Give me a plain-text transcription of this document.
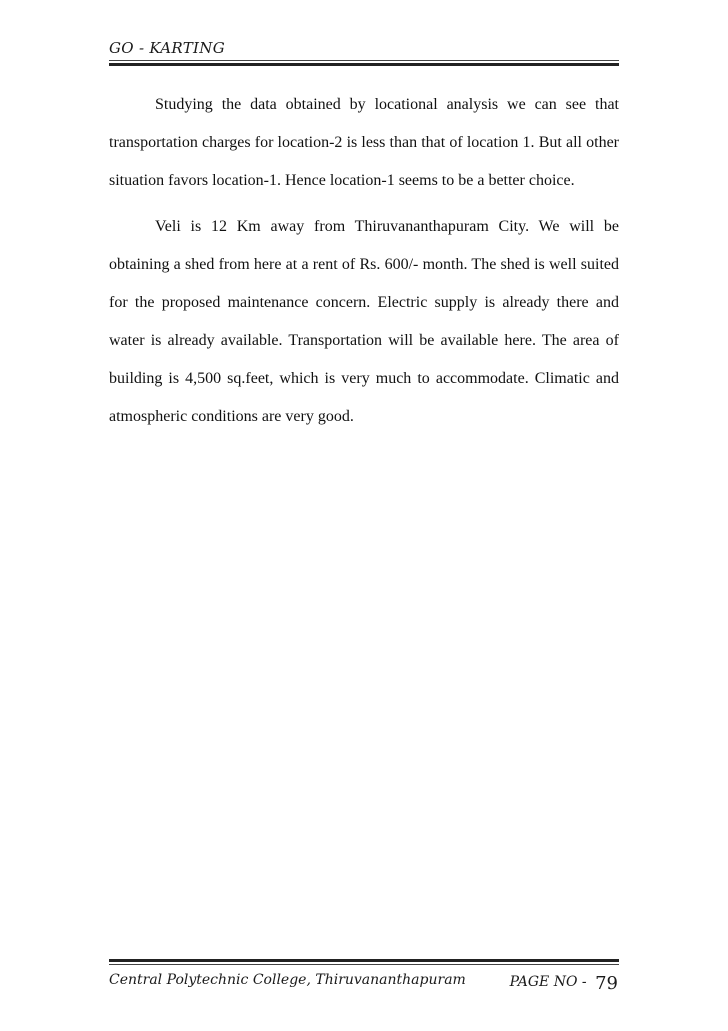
GO - KARTING

Studying the data obtained by locational analysis we can see that transportation charges for location-2 is less than that of location 1. But all other situation favors location-1. Hence location-1 seems to be a better choice.

Veli is 12 Km away from Thiruvananthapuram City. We will be obtaining a shed from here at a rent of Rs. 600/- month. The shed is well suited for the proposed maintenance concern. Electric supply is already there and water is already available. Transportation will be available here. The area of building is 4,500 sq.feet, which is very much to accommodate. Climatic and atmospheric conditions are very good.

Central Polytechnic College, Thiruvananthapuram	PAGE NO - 79
